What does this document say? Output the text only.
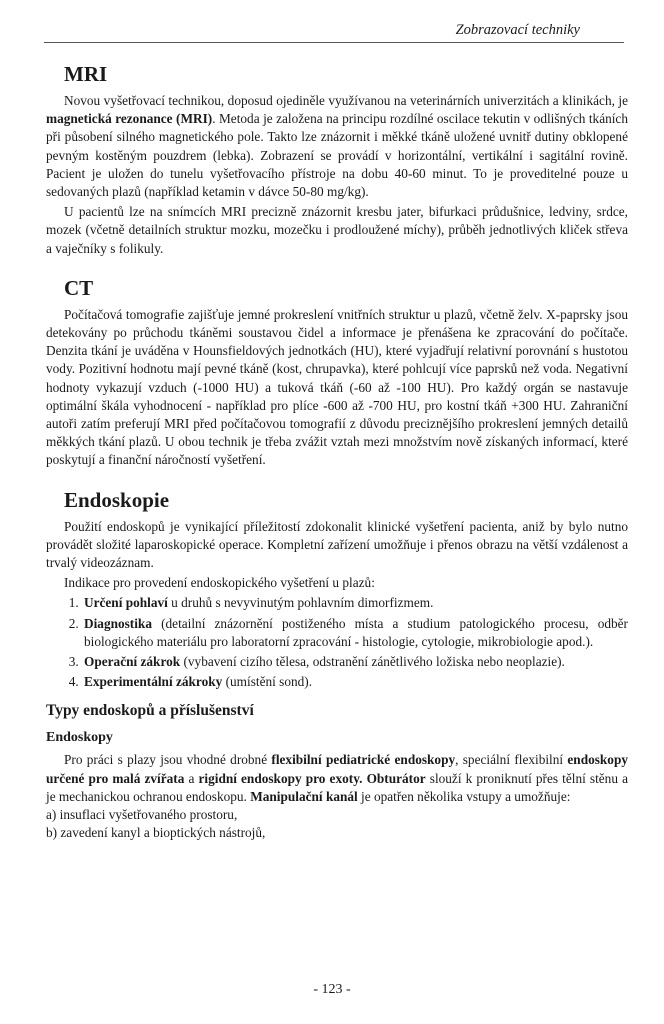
Zobrazovací techniky
MRI

Novou vyšetřovací technikou, doposud ojediněle využívanou na veterinárních univerzitách a klinikách, je magnetická rezonance (MRI). Metoda je založena na principu rozdílné oscilace tekutin v odlišných tkáních při působení silného magnetického pole. Takto lze znázornit i měkké tkáně uložené uvnitř dutiny obklopené pevným kostěným pouzdrem (lebka). Zobrazení se provádí v horizontální, vertikální i sagitální rovině. Pacient je uložen do tunelu vyšetřovacího přístroje na dobu 40-60 minut. To je proveditelné pouze u sedovaných plazů (například ketamin v dávce 50-80 mg/kg).

U pacientů lze na snímcích MRI precizně znázornit kresbu jater, bifurkaci průdušnice, ledviny, srdce, mozek (včetně detailních struktur mozku, mozečku i prodloužené míchy), průběh jednotlivých kliček střeva a vaječníky s folikuly.

CT

Počítačová tomografie zajišťuje jemné prokreslení vnitřních struktur u plazů, včetně želv. X-paprsky jsou detekovány po průchodu tkáněmi soustavou čidel a informace je přenášena ke zpracování do počítače. Denzita tkání je uváděna v Hounsfieldových jednotkách (HU), které vyjadřují relativní porovnání s hustotou vody. Pozitivní hodnotu mají pevné tkáně (kost, chrupavka), které pohlcují více paprsků než voda. Negativní hodnoty vykazují vzduch (-1000 HU) a tuková tkáň (-60 až -100 HU). Pro každý orgán se nastavuje optimální škála vyhodnocení - například pro plíce -600 až -700 HU, pro kostní tkáň +300 HU. Zahraniční autoři zatím preferují MRI před počítačovou tomografií z důvodu preciznějšího prokreslení jemných detailů měkkých tkání plazů. U obou technik je třeba zvážit vztah mezi množstvím nově získaných informací, které poskytují a finanční náročností vyšetření.

Endoskopie

Použití endoskopů je vynikající příležitostí zdokonalit klinické vyšetření pacienta, aniž by bylo nutno provádět složité laparoskopické operace. Kompletní zařízení umožňuje i přenos obrazu na větší vzdálenost a trvalý videozáznam.

Indikace pro provedení endoskopického vyšetření u plazů:

1. Určení pohlaví u druhů s nevyvinutým pohlavním dimorfizmem.
2. Diagnostika (detailní znázornění postiženého místa a studium patologického procesu, odběr biologického materiálu pro laboratorní zpracování - histologie, cytologie, mikrobiologie apod.).
3. Operační zákrok (vybavení cizího tělesa, odstranění zánětlivého ložiska nebo neoplazie).
4. Experimentální zákroky (umístění sond).
Typy endoskopů a příslušenství
Endoskopy

Pro práci s plazy jsou vhodné drobné flexibilní pediatrické endoskopy, speciální flexibilní endoskopy určené pro malá zvířata a rigidní endoskopy pro exoty. Obturátor slouží k proniknutí přes tělní stěnu a je mechanickou ochranou endoskopu. Manipulační kanál je opatřen několika vstupy a umožňuje:

a) insuflaci vyšetřovaného prostoru,

b) zavedení kanyl a bioptických nástrojů,

- 123 -
